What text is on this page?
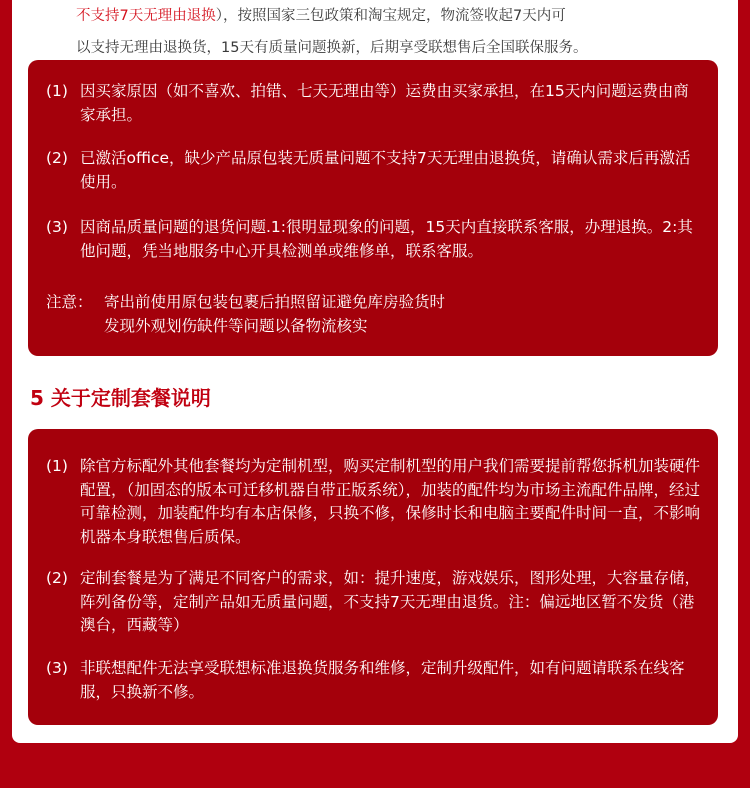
不支持7天无理由退换），按照国家三包政策和淘宝规定，物流签收起7天内可
以支持无理由退换货，15天有质量问题换新，后期享受联想售后全国联保服务。
(1) 因买家原因（如不喜欢、拍错、七天无理由等）运费由买家承担，在15天内问题运费由商家承担。
(2) 已激活office，缺少产品原包装无质量问题不支持7天无理由退换货，请确认需求后再激活使用。
(3) 因商品质量问题的退货问题.1:很明显现象的问题，15天内直接联系客服，办理退换。2:其他问题，凭当地服务中心开具检测单或维修单，联系客服。
注意： 寄出前使用原包装包裹后拍照留证避免库房验货时
发现外观划伤缺件等问题以备物流核实
5 关于定制套餐说明
(1) 除官方标配外其他套餐均为定制机型，购买定制机型的用户我们需要提前帮您拆机加装硬件配置，（加固态的版本可迁移机器自带正版系统），加装的配件均为市场主流配件品牌，经过可靠检测，加装配件均有本店保修，只换不修，保修时长和电脑主要配件时间一直，不影响机器本身联想售后质保。
(2) 定制套餐是为了满足不同客户的需求，如：提升速度，游戏娱乐，图形处理，大容量存储，阵列备份等，定制产品如无质量问题，不支持7天无理由退货。注：偏远地区暂不发货（港澳台，西藏等）
(3) 非联想配件无法享受联想标准退换货服务和维修，定制升级配件，如有问题请联系在线客服，只换新不修。
